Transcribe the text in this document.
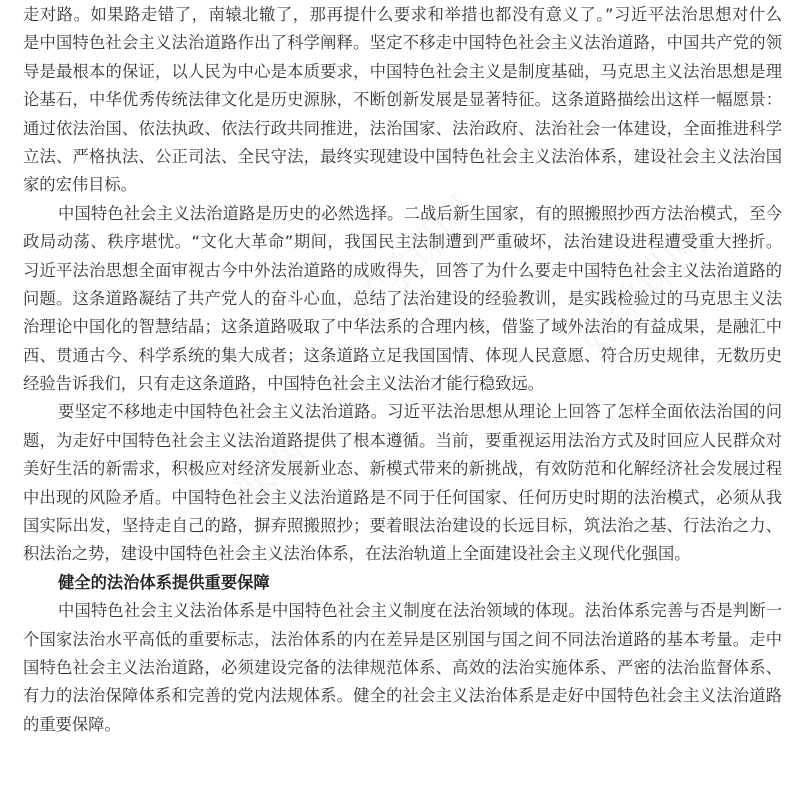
走对路。如果路走错了，南辕北辙了，那再提什么要求和举措也都没有意义了。”习近平法治思想对什么
是中国特色社会主义法治道路作出了科学阐释。坚定不移走中国特色社会主义法治道路，中国共产党的领
导是最根本的保证，以人民为中心是本质要求，中国特色社会主义是制度基础，马克思主义法治思想是理
论基石，中华优秀传统法律文化是历史源脉，不断创新发展是显著特征。这条道路描绘出这样一幅愿景：
通过依法治国、依法执政、依法行政共同推进，法治国家、法治政府、法治社会一体建设，全面推进科学
立法、严格执法、公正司法、全民守法，最终实现建设中国特色社会主义法治体系，建设社会主义法治国
家的宏伟目标。
中国特色社会主义法治道路是历史的必然选择。二战后新生国家，有的照搬照抄西方法治模式，至今
政局动荡、秩序堪忧。“文化大革命”期间，我国民主法制遭到严重破坏，法治建设进程遭受重大挫折。
习近平法治思想全面审视古今中外法治道路的成败得失，回答了为什么要走中国特色社会主义法治道路的
问题。这条道路凝结了共产党人的奋斗心血，总结了法治建设的经验教训，是实践检验过的马克思主义法
治理论中国化的智慧结晶；这条道路吸取了中华法系的合理内核，借鉴了域外法治的有益成果，是融汇中
西、贯通古今、科学系统的集大成者；这条道路立足我国国情、体现人民意愿、符合历史规律，无数历史
经验告诉我们，只有走这条道路，中国特色社会主义法治才能行稳致远。
要坚定不移地走中国特色社会主义法治道路。习近平法治思想从理论上回答了怎样全面依法治国的问
题，为走好中国特色社会主义法治道路提供了根本遵循。当前，要重视运用法治方式及时回应人民群众对
美好生活的新需求，积极应对经济发展新业态、新模式带来的新挑战，有效防范和化解经济社会发展过程
中出现的风险矛盾。中国特色社会主义法治道路是不同于任何国家、任何历史时期的法治模式，必须从我
国实际出发，坚持走自己的路，摒弃照搬照抄；要着眼法治建设的长远目标，筑法治之基、行法治之力、
积法治之势，建设中国特色社会主义法治体系，在法治轨道上全面建设社会主义现代化强国。
健全的法治体系提供重要保障
中国特色社会主义法治体系是中国特色社会主义制度在法治领域的体现。法治体系完善与否是判断一
个国家法治水平高低的重要标志，法治体系的内在差异是区别国与国之间不同法治道路的基本考量。走中
国特色社会主义法治道路，必须建设完备的法律规范体系、高效的法治实施体系、严密的法治监督体系、
有力的法治保障体系和完善的党内法规体系。健全的社会主义法治体系是走好中国特色社会主义法治道路
的重要保障。
